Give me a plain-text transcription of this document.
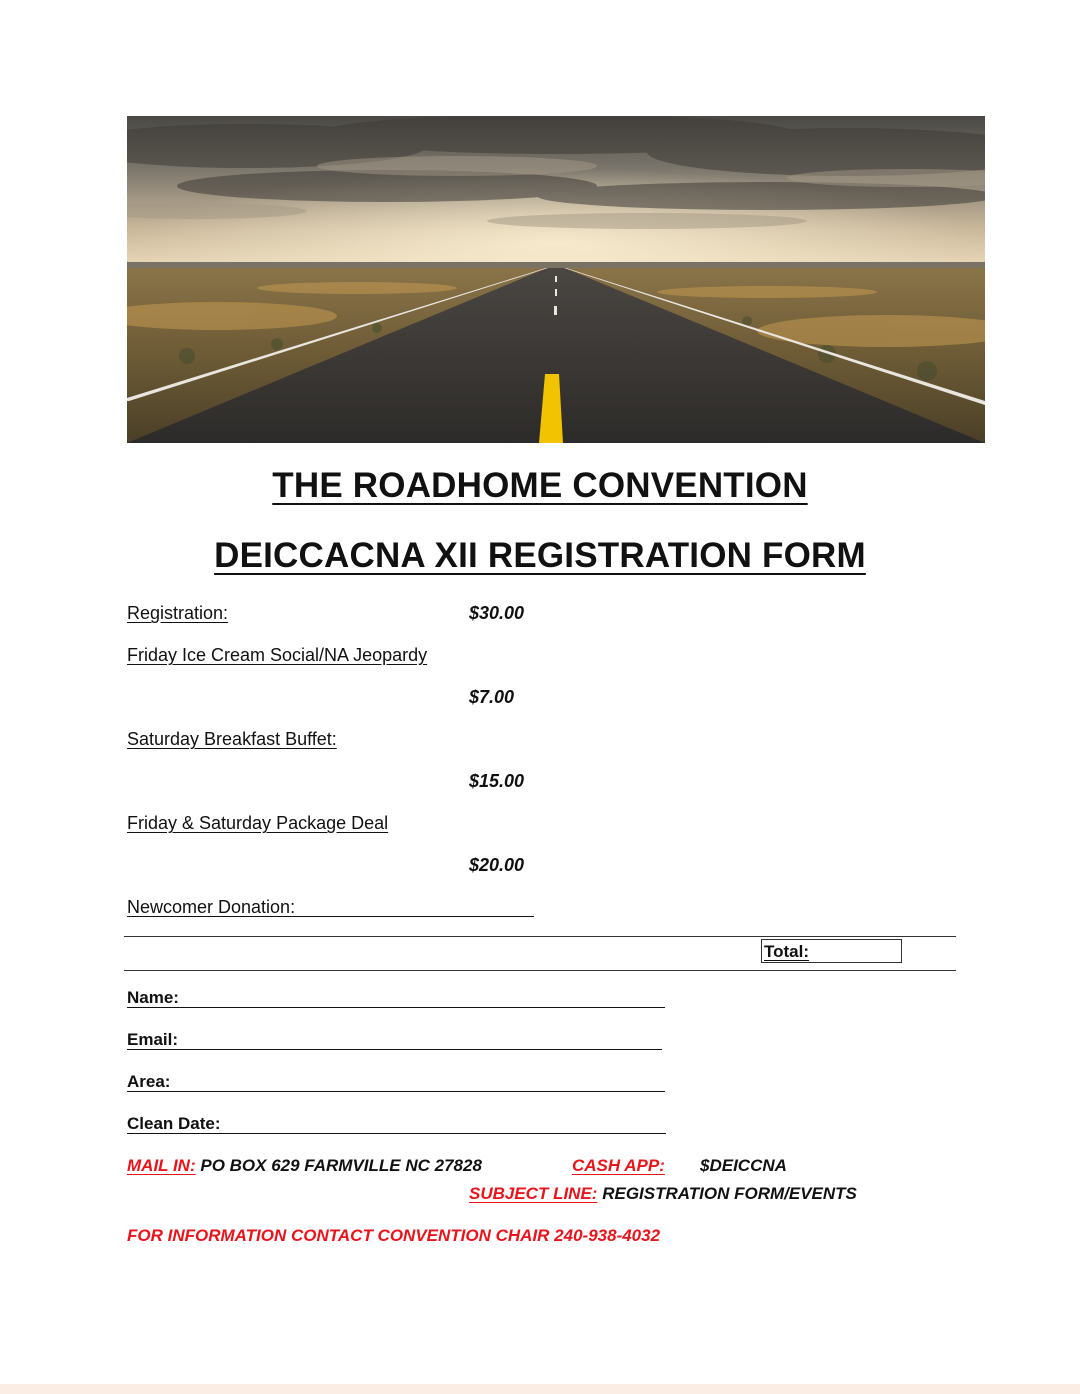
THE ROADHOME CONVENTION
DEICCACNA XII REGISTRATION FORM
Registration:	$30.00
Friday Ice Cream Social/NA Jeopardy
$7.00
Saturday Breakfast Buffet:
$15.00
Friday & Saturday Package Deal
$20.00
Newcomer Donation:
Total:
Name:
Email:
Area:
Clean Date:
MAIL IN: PO BOX 629 FARMVILLE NC 27828	CASH APP: $DEICCNA
SUBJECT LINE: REGISTRATION FORM/EVENTS
FOR INFORMATION CONTACT CONVENTION CHAIR 240-938-4032
